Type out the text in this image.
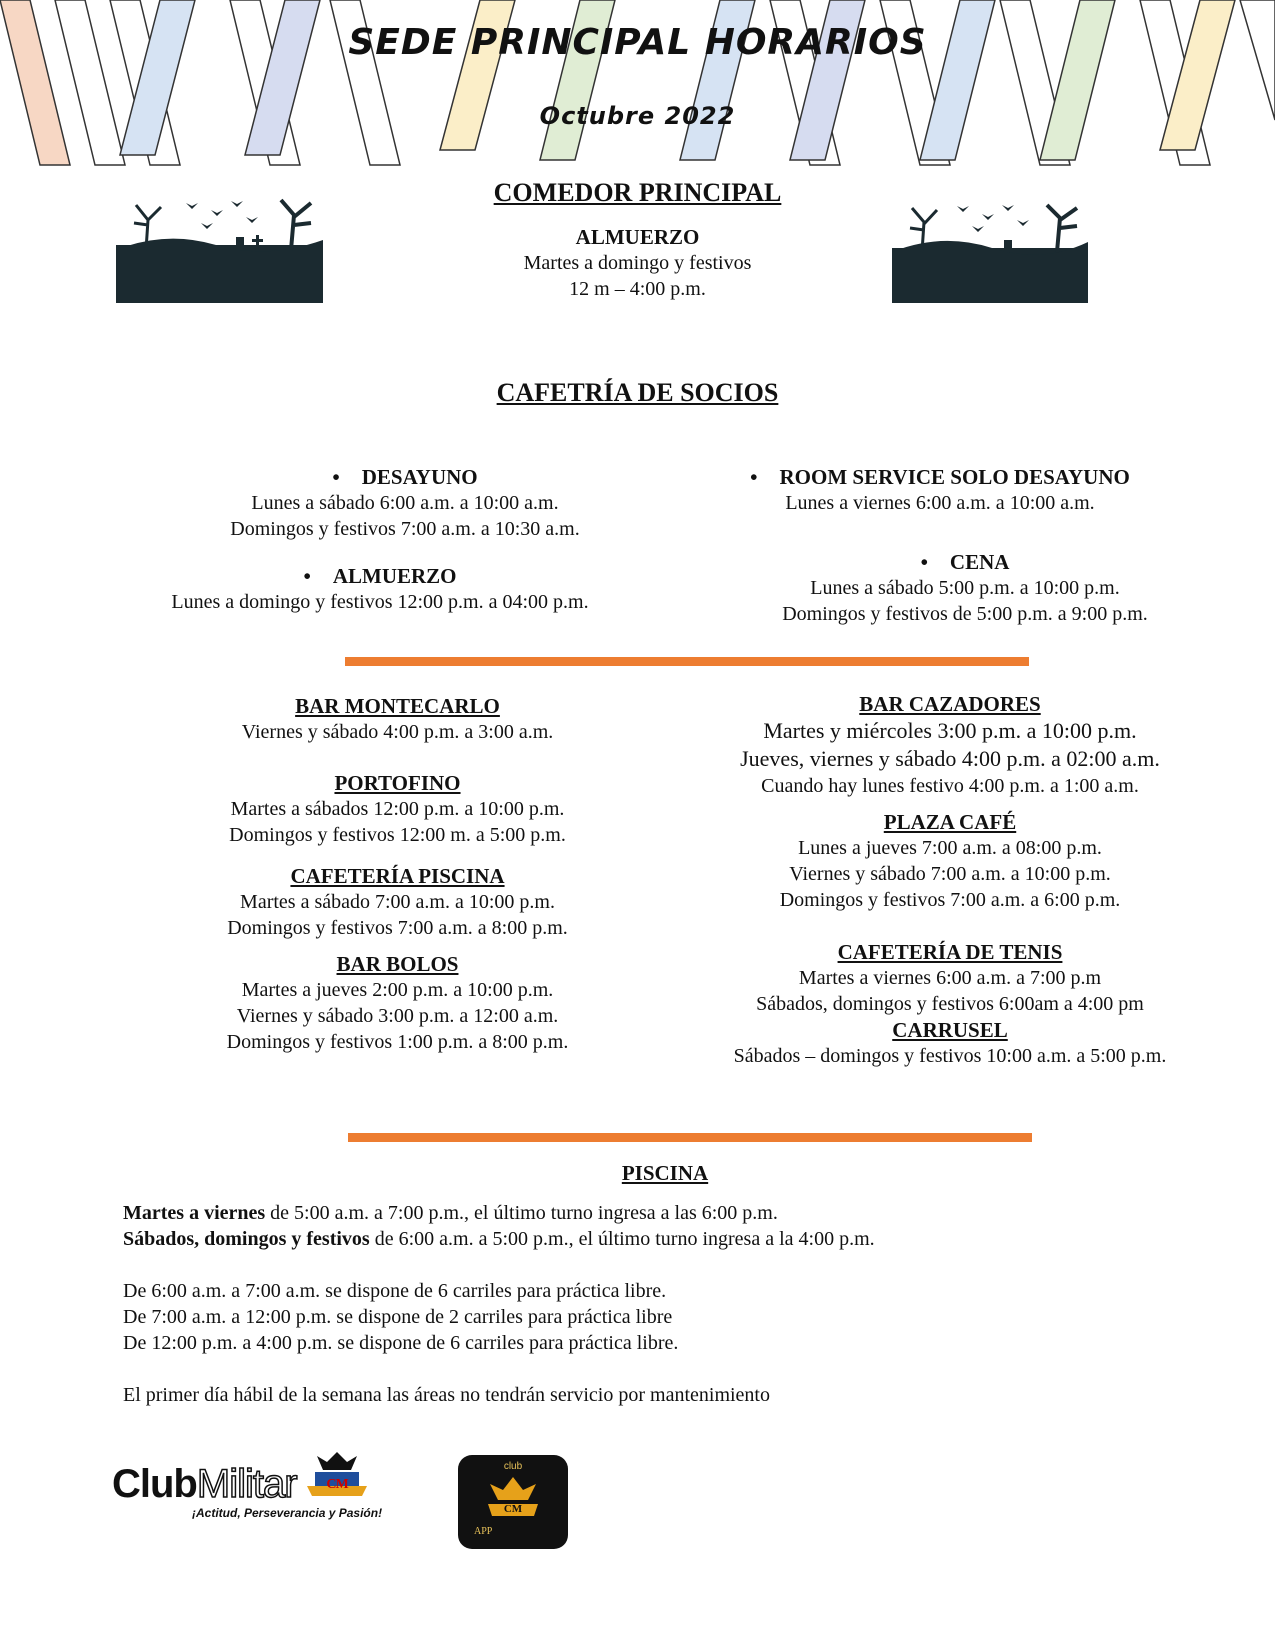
SEDE PRINCIPAL HORARIOS
Octubre 2022
COMEDOR PRINCIPAL
ALMUERZO
Martes a domingo y festivos
12 m – 4:00 p.m.
CAFETRÍA DE SOCIOS
• DESAYUNO
Lunes a sábado 6:00 a.m. a 10:00 a.m.
Domingos y festivos 7:00 a.m. a 10:30 a.m.
• ALMUERZO
Lunes a domingo y festivos 12:00 p.m. a 04:00 p.m.
• ROOM SERVICE SOLO DESAYUNO
Lunes a viernes 6:00 a.m. a 10:00 a.m.
• CENA
Lunes a sábado 5:00 p.m. a 10:00 p.m.
Domingos y festivos de 5:00 p.m. a 9:00 p.m.
BAR MONTECARLO
Viernes y sábado 4:00 p.m. a 3:00 a.m.
PORTOFINO
Martes a sábados 12:00 p.m. a 10:00 p.m.
Domingos y festivos 12:00 m. a 5:00 p.m.
CAFETERÍA PISCINA
Martes a sábado 7:00 a.m. a 10:00 p.m.
Domingos y festivos 7:00 a.m. a 8:00 p.m.
BAR BOLOS
Martes a jueves 2:00 p.m. a 10:00 p.m.
Viernes y sábado 3:00 p.m. a 12:00 a.m.
Domingos y festivos 1:00 p.m. a 8:00 p.m.
BAR CAZADORES
Martes y miércoles 3:00 p.m. a 10:00 p.m.
Jueves, viernes y sábado 4:00 p.m. a 02:00 a.m.
Cuando hay lunes festivo 4:00 p.m. a 1:00 a.m.
PLAZA CAFÉ
Lunes a jueves 7:00 a.m. a 08:00 p.m.
Viernes y sábado 7:00 a.m. a 10:00 p.m.
Domingos y festivos 7:00 a.m. a 6:00 p.m.
CAFETERÍA DE TENIS
Martes a viernes 6:00 a.m. a 7:00 p.m
Sábados, domingos y festivos 6:00am a 4:00 pm
CARRUSEL
Sábados – domingos y festivos 10:00 a.m. a 5:00 p.m.
PISCINA

Martes a viernes de 5:00 a.m. a 7:00 p.m., el último turno ingresa a las 6:00 p.m.

Sábados, domingos y festivos de 6:00 a.m. a 5:00 p.m., el último turno ingresa a la 4:00 p.m.

De 6:00 a.m. a 7:00 a.m. se dispone de 6 carriles para práctica libre.

De 7:00 a.m. a 12:00 p.m. se dispone de 2 carriles para práctica libre

De 12:00 p.m. a 4:00 p.m. se dispone de 6 carriles para práctica libre.

El primer día hábil de la semana las áreas no tendrán servicio por mantenimiento

ClubMilitar CM
¡Actitud, Perseverancia y Pasión!
club
CM
APP
